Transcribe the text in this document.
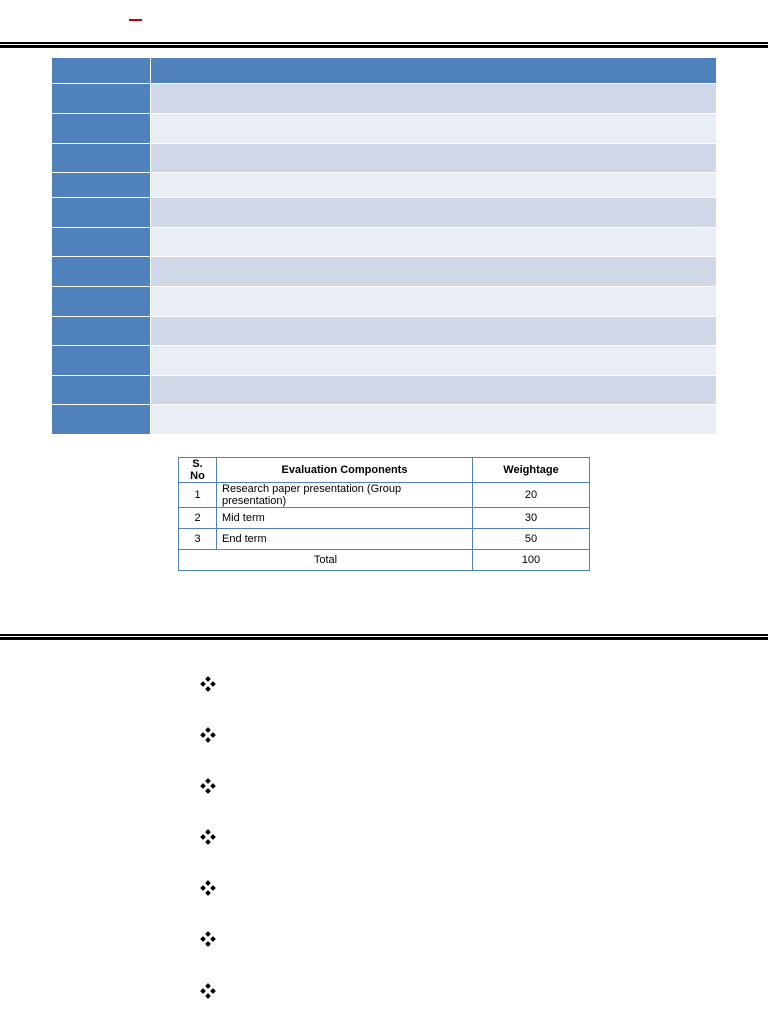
S. No	Evaluation Components	Weightage
1	Research paper presentation (Group presentation)	20
2	Mid term	30
3	End term	50
Total		100
